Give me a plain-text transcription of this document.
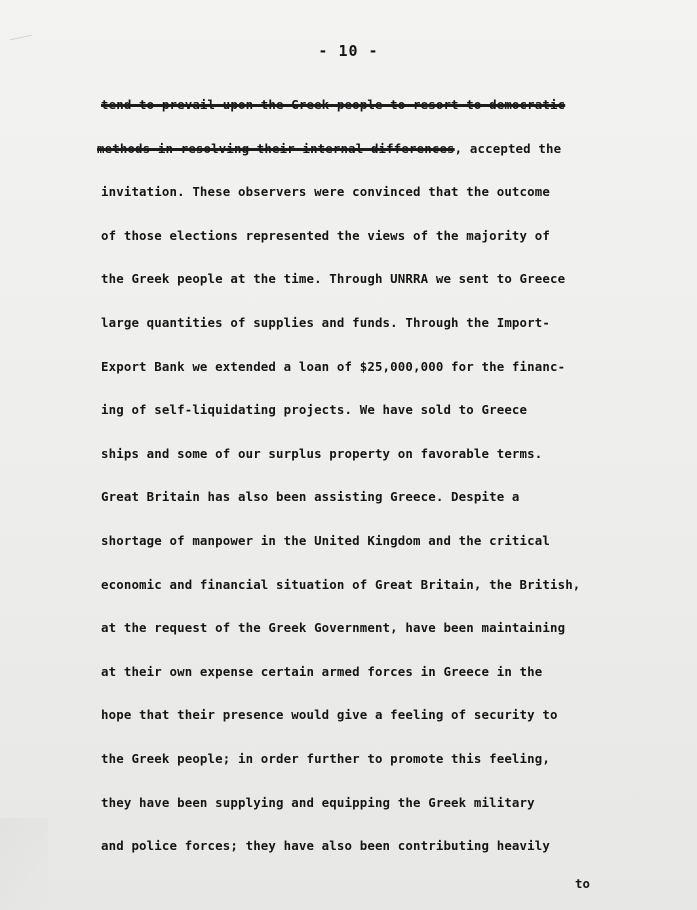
- 10 -
tend to prevail upon the Greek people to resort to democratic
methods in resolving their internal differences, accepted the
invitation. These observers were convinced that the outcome
of those elections represented the views of the majority of
the Greek people at the time. Through UNRRA we sent to Greece
large quantities of supplies and funds. Through the Import-
Export Bank we extended a loan of $25,000,000 for the financ-
ing of self-liquidating projects. We have sold to Greece
ships and some of our surplus property on favorable terms.
Great Britain has also been assisting Greece. Despite a
shortage of manpower in the United Kingdom and the critical
economic and financial situation of Great Britain, the British,
at the request of the Greek Government, have been maintaining
at their own expense certain armed forces in Greece in the
hope that their presence would give a feeling of security to
the Greek people; in order further to promote this feeling,
they have been supplying and equipping the Greek military
and police forces; they have also been contributing heavily
to
